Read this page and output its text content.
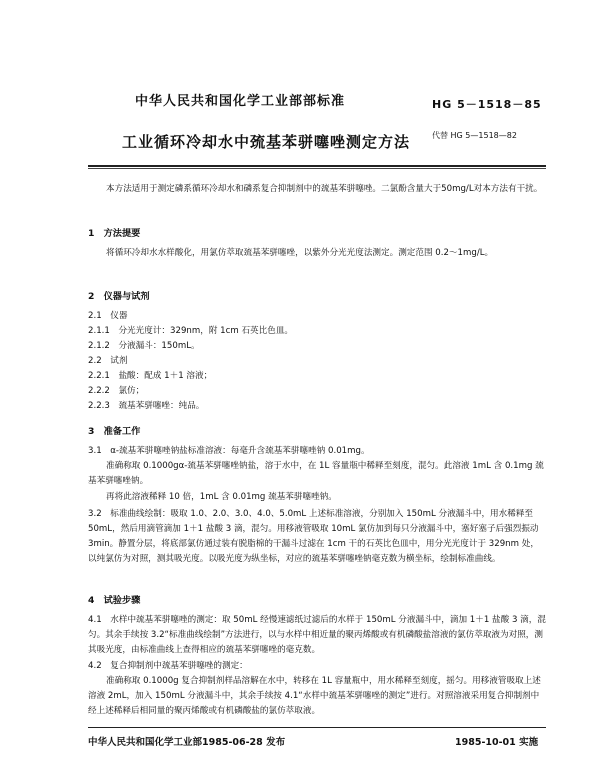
中华人民共和国化学工业部部标准	HG 5－1518－85
工业循环冷却水中巯基苯骈噻唑测定方法	代替 HG 5—1518—82
本方法适用于测定磷系循环冷却水和磷系复合抑制剂中的巯基苯骈噻唑。二氯酚含量大于50mg/L对本方法有干扰。
1　方法提要
将循环冷却水水样酸化，用氯仿萃取巯基苯骈噻唑，以紫外分光光度法测定。测定范围 0.2～1mg/L。
2　仪器与试剂
2.1　仪器
2.1.1　分光光度计：329nm，附 1cm 石英比色皿。
2.1.2　分液漏斗：150mL。
2.2　试剂
2.2.1　盐酸：配成 1＋1 溶液；
2.2.2　氯仿；
2.2.3　巯基苯骈噻唑：纯品。
3　准备工作
3.1　α-巯基苯骈噻唑钠盐标准溶液：每毫升含巯基苯骈噻唑钠 0.01mg。
准确称取 0.1000gα-巯基苯骈噻唑钠盐，溶于水中，在 1L 容量瓶中稀释至刻度，混匀。此溶液 1mL 含 0.1mg 巯基苯骈噻唑钠。
再将此溶液稀释 10 倍，1mL 含 0.01mg 巯基苯骈噻唑钠。
3.2　标准曲线绘制：吸取 1.0、2.0、3.0、4.0、5.0mL 上述标准溶液，分别加入 150mL 分液漏斗中，用水稀释至 50mL，然后用滴管滴加 1＋1 盐酸 3 滴，混匀。用移液管吸取 10mL 氯仿加到每只分液漏斗中，塞好塞子后强烈振动 3min。静置分层，将底部氯仿通过装有脱脂棉的干漏斗过滤在 1cm 干的石英比色皿中，用分光光度计于 329nm 处，以纯氯仿为对照，测其吸光度。以吸光度为纵坐标，对应的巯基苯骈噻唑钠毫克数为横坐标，绘制标准曲线。
4　试验步骤
4.1　水样中巯基苯骈噻唑的测定：取 50mL 经慢速滤纸过滤后的水样于 150mL 分液漏斗中，滴加 1＋1 盐酸 3 滴，混匀。其余手续按 3.2“标准曲线绘制”方法进行，以与水样中相近量的聚丙烯酸或有机磷酸盐溶液的氯仿萃取液为对照，测其吸光度，由标准曲线上查得相应的巯基苯骈噻唑的毫克数。
4.2　复合抑制剂中巯基苯骈噻唑的测定：
准确称取 0.1000g 复合抑制剂样品溶解在水中，转移在 1L 容量瓶中，用水稀释至刻度，摇匀。用移液管吸取上述溶液 2mL，加入 150mL 分液漏斗中，其余手续按 4.1“水样中巯基苯骈噻唑的测定”进行。对照溶液采用复合抑制剂中经上述稀释后相同量的聚丙烯酸或有机磷酸盐的氯仿萃取液。
中华人民共和国化学工业部1985-06-28 发布	1985-10-01 实施
